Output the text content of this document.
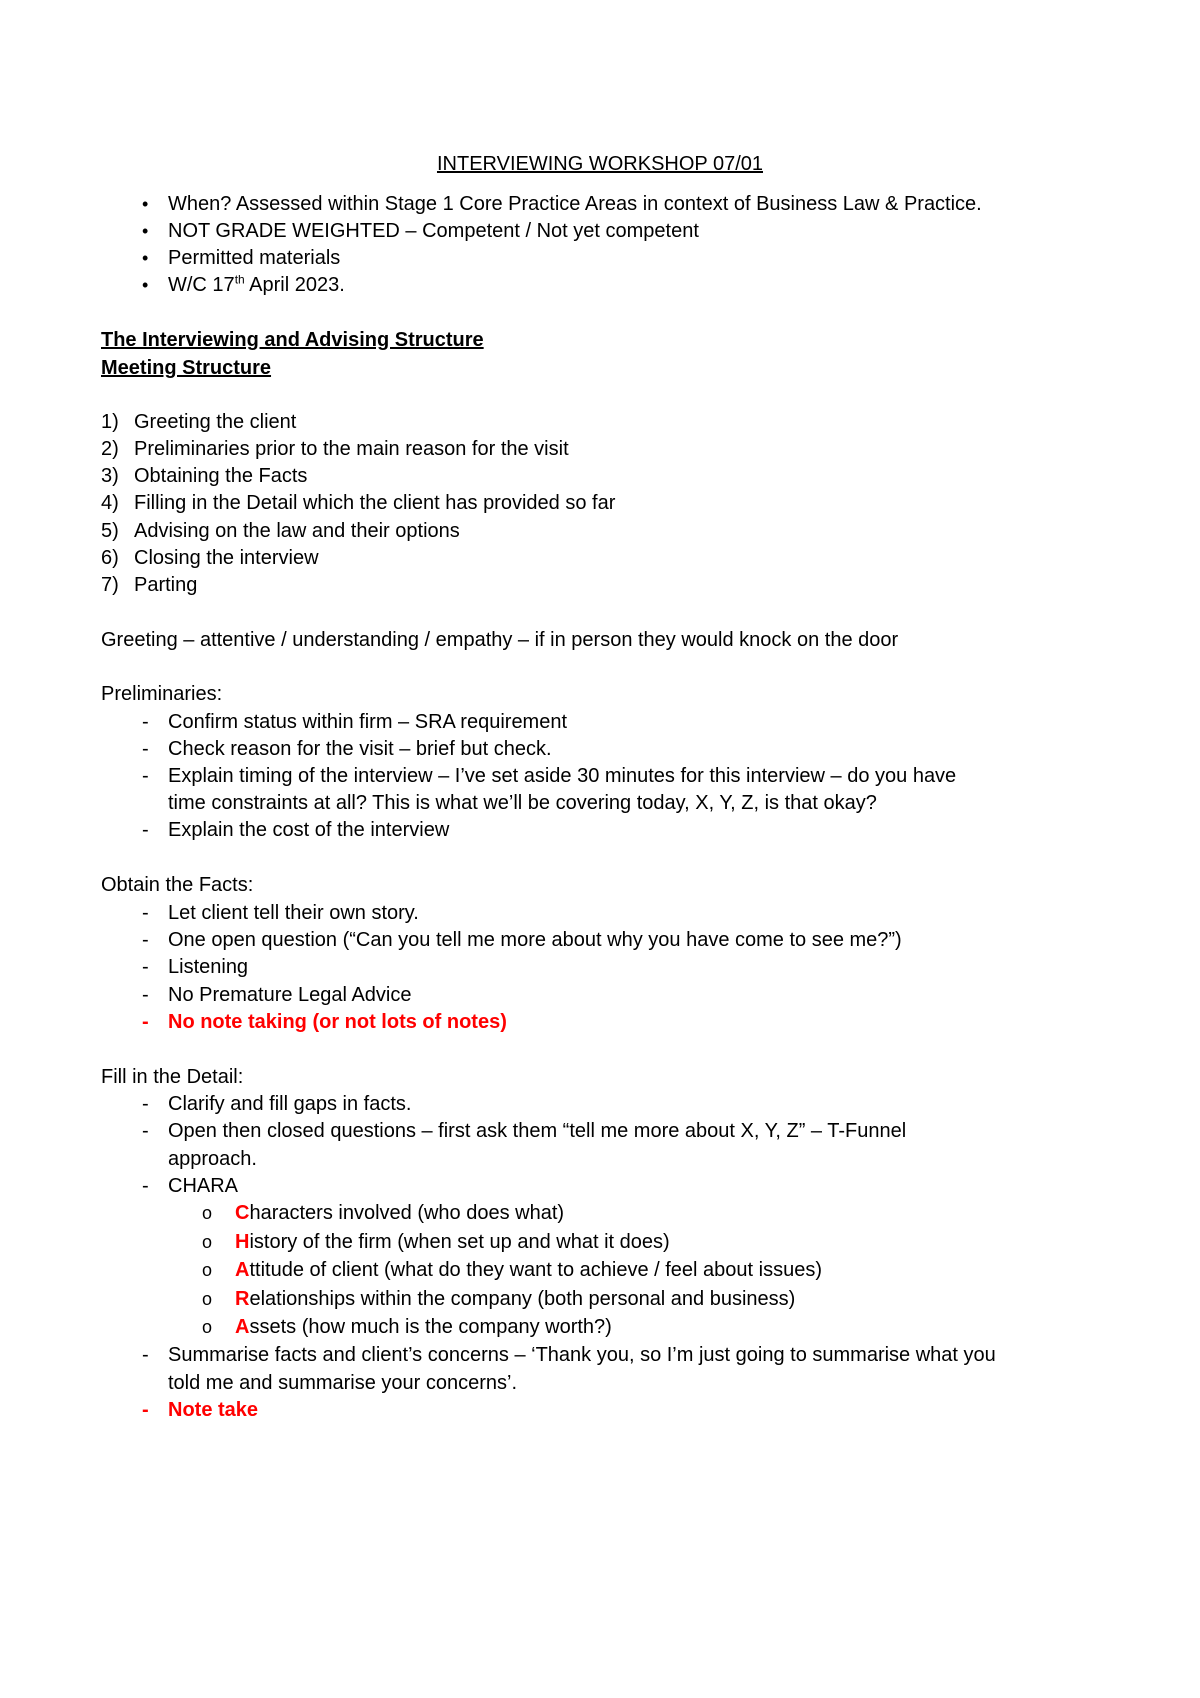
INTERVIEWING WORKSHOP 07/01
• When? Assessed within Stage 1 Core Practice Areas in context of Business Law & Practice.
• NOT GRADE WEIGHTED – Competent / Not yet competent
• Permitted materials
• W/C 17th April 2023.
The Interviewing and Advising Structure
Meeting Structure
1) Greeting the client
2) Preliminaries prior to the main reason for the visit
3) Obtaining the Facts
4) Filling in the Detail which the client has provided so far
5) Advising on the law and their options
6) Closing the interview
7) Parting
Greeting – attentive / understanding / empathy – if in person they would knock on the door
Preliminaries:
- Confirm status within firm – SRA requirement
- Check reason for the visit – brief but check.
- Explain timing of the interview – I’ve set aside 30 minutes for this interview – do you have
time constraints at all? This is what we’ll be covering today, X, Y, Z, is that okay?
- Explain the cost of the interview
Obtain the Facts:
- Let client tell their own story.
- One open question (“Can you tell me more about why you have come to see me?”)
- Listening
- No Premature Legal Advice
- No note taking (or not lots of notes)
Fill in the Detail:
- Clarify and fill gaps in facts.
- Open then closed questions – first ask them “tell me more about X, Y, Z” – T-Funnel
approach.
- CHARA
o Characters involved (who does what)
o History of the firm (when set up and what it does)
o Attitude of client (what do they want to achieve / feel about issues)
o Relationships within the company (both personal and business)
o Assets (how much is the company worth?)
- Summarise facts and client’s concerns – ‘Thank you, so I’m just going to summarise what you
told me and summarise your concerns’.
- Note take
